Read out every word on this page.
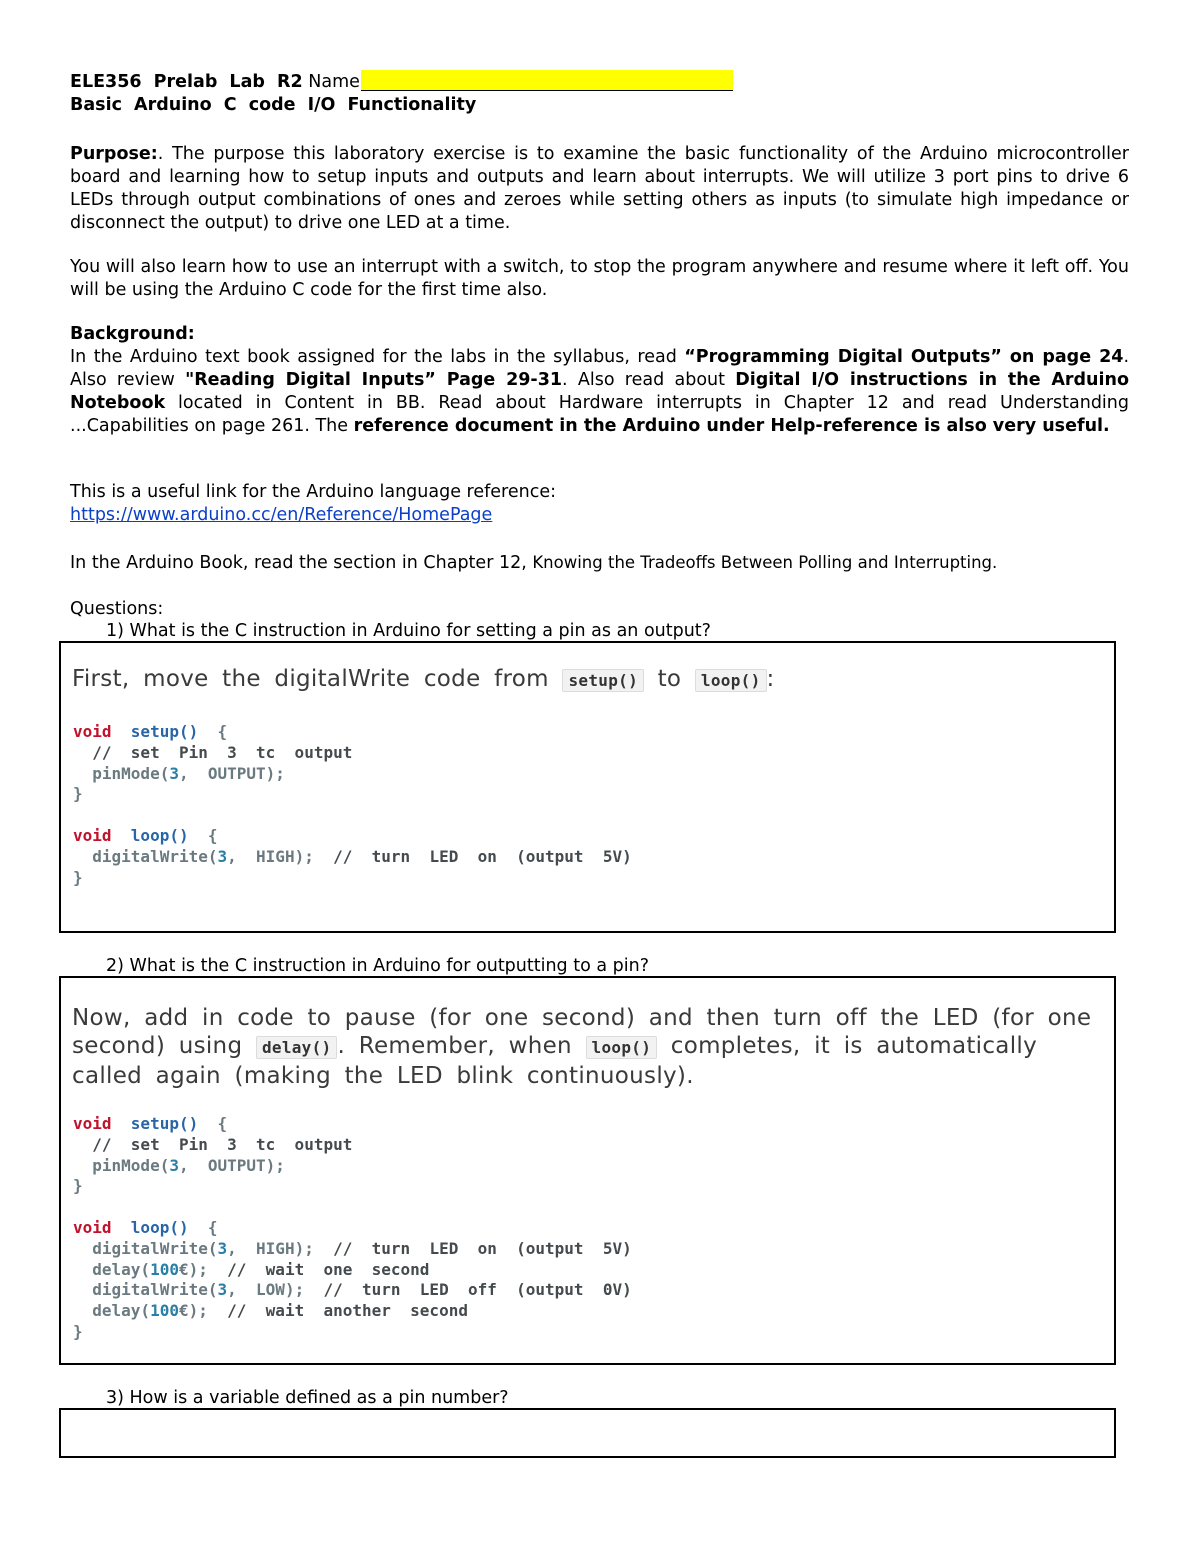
ELE356 Prelab Lab R2 Name
Basic Arduino C code I/O Functionality
Purpose:. The purpose this laboratory exercise is to examine the basic functionality of the Arduino microcontroller board and learning how to setup inputs and outputs and learn about interrupts. We will utilize 3 port pins to drive 6 LEDs through output combinations of ones and zeroes while setting others as inputs (to simulate high impedance or disconnect the output) to drive one LED at a time.
You will also learn how to use an interrupt with a switch, to stop the program anywhere and resume where it left off. You will be using the Arduino C code for the first time also.
Background:
In the Arduino text book assigned for the labs in the syllabus, read “Programming Digital Outputs” on page 24. Also review "Reading Digital Inputs” Page 29-31. Also read about Digital I/O instructions in the Arduino Notebook located in Content in BB. Read about Hardware interrupts in Chapter 12 and read Understanding ...Capabilities on page 261. The reference document in the Arduino under Help-reference is also very useful.
This is a useful link for the Arduino language reference:
https://www.arduino.cc/en/Reference/HomePage
In the Arduino Book, read the section in Chapter 12, Knowing the Tradeoffs Between Polling and Interrupting.
Questions:
1) What is the C instruction in Arduino for setting a pin as an output?
First, move the digitalWrite code from setup() to loop() :
void setup()  {
//  set  Pin  3  tc  output
pinMode(3,  OUTPUT);
}

void loop()  {
digitalWrite(3,  HIGH);  //  turn  LED  on  (output  5V)
}
2) What is the C instruction in Arduino for outputting to a pin?
Now, add in code to pause (for one second) and then turn off the LED (for one second) using delay() . Remember, when loop() completes, it is automatically called again (making the LED blink continuously).
void setup()  {
//  set  Pin  3  tc  output
pinMode(3,  OUTPUT);
}

void loop()  {
digitalWrite(3,  HIGH);  //  turn  LED  on  (output  5V)
delay(100€);  //  wait  one  second
digitalWrite(3,  LOW);  //  turn  LED  off  (output  0V)
delay(100€);  //  wait  another  second
}
3) How is a variable defined as a pin number?
